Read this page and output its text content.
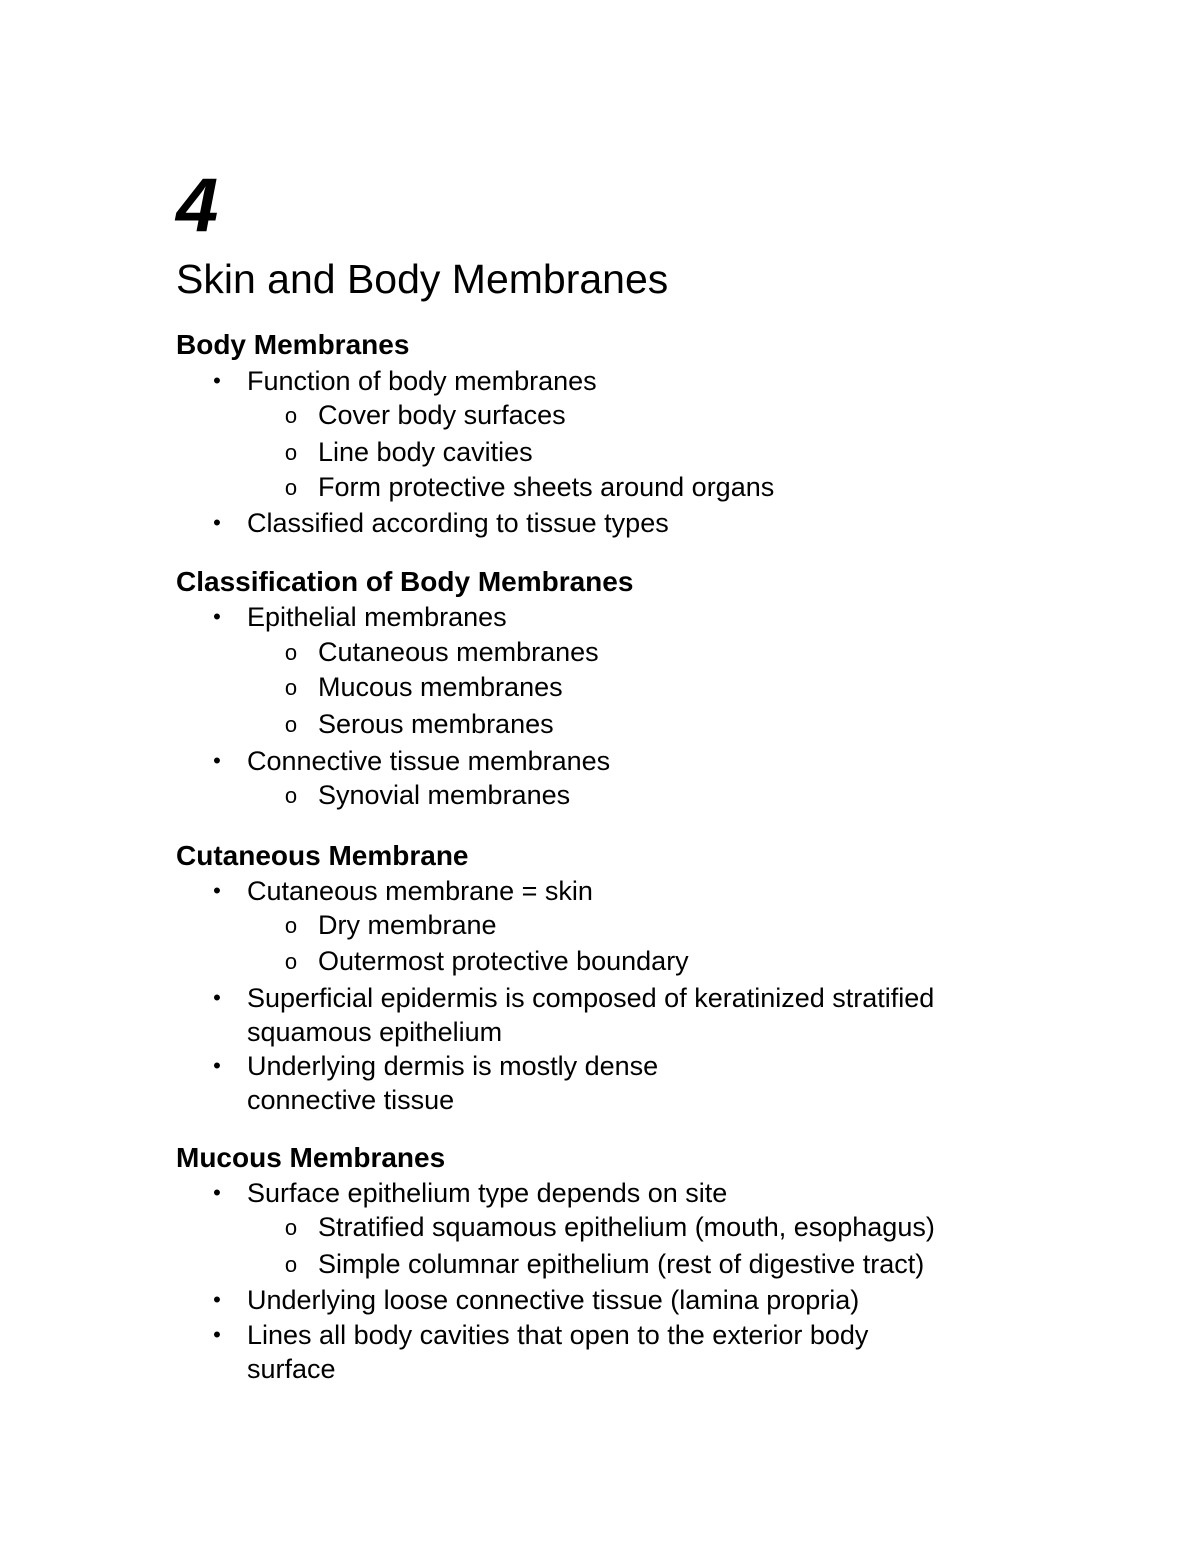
4
Skin and Body Membranes
Body Membranes
• Function of body membranes
o Cover body surfaces
o Line body cavities
o Form protective sheets around organs
• Classified according to tissue types
Classification of Body Membranes
• Epithelial membranes
o Cutaneous membranes
o Mucous membranes
o Serous membranes
• Connective tissue membranes
o Synovial membranes
Cutaneous Membrane
• Cutaneous membrane = skin
o Dry membrane
o Outermost protective boundary
• Superficial epidermis is composed of keratinized stratified
squamous epithelium
• Underlying dermis is mostly dense
connective tissue
Mucous Membranes
• Surface epithelium type depends on site
o Stratified squamous epithelium (mouth, esophagus)
o Simple columnar epithelium (rest of digestive tract)
• Underlying loose connective tissue (lamina propria)
• Lines all body cavities that open to the exterior body
surface
